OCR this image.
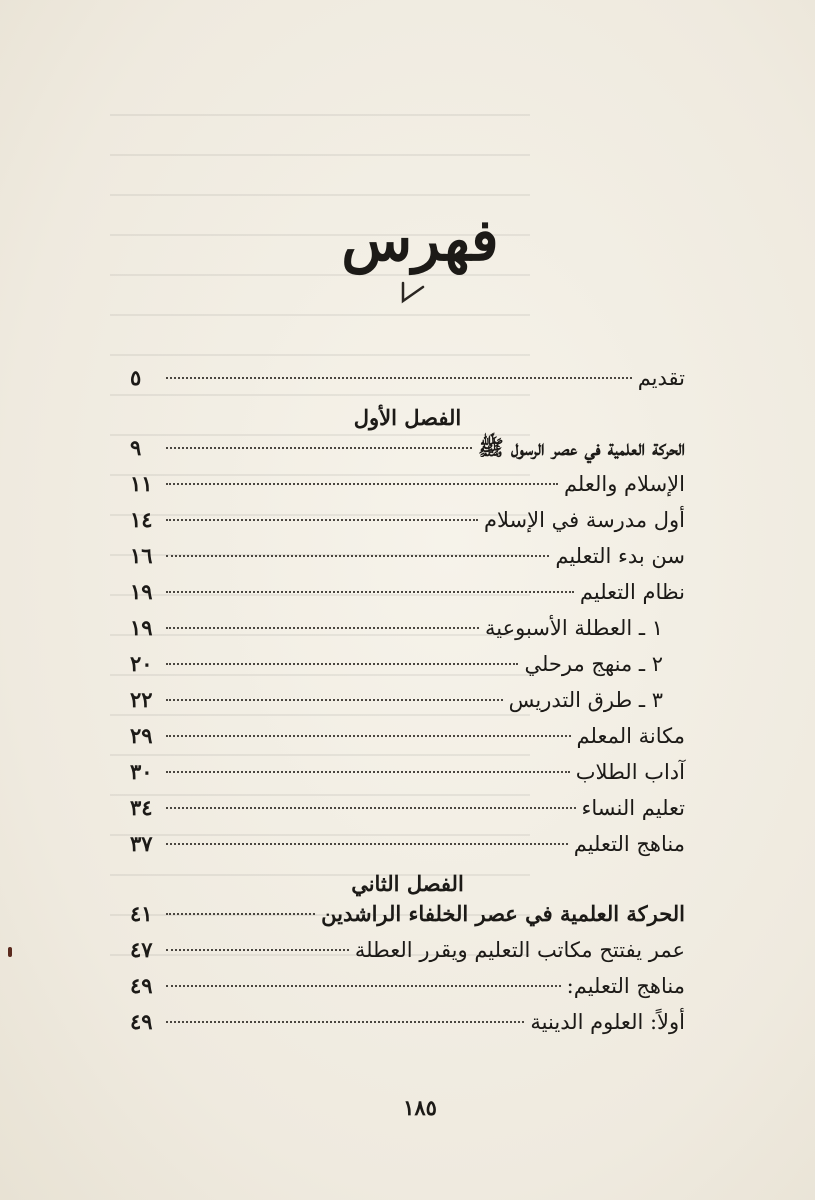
فهرس
تقديم
٥
الفصل الأول
الحركة العلمية في عصر الرسول ﷺ
٩
الإسلام والعلم
١١
أول مدرسة في الإسلام
١٤
سن بدء التعليم
١٦
نظام التعليم
١٩
١ ـ العطلة الأسبوعية
١٩
٢ ـ منهج مرحلي
٢٠
٣ ـ طرق التدريس
٢٢
مكانة المعلم
٢٩
آداب الطلاب
٣٠
تعليم النساء
٣٤
مناهج التعليم
٣٧
الفصل الثاني
الحركة العلمية في عصر الخلفاء الراشدين
٤١
عمر يفتتح مكاتب التعليم ويقرر العطلة
٤٧
مناهج التعليم:
٤٩
أولاً: العلوم الدينية
٤٩
١٨٥
